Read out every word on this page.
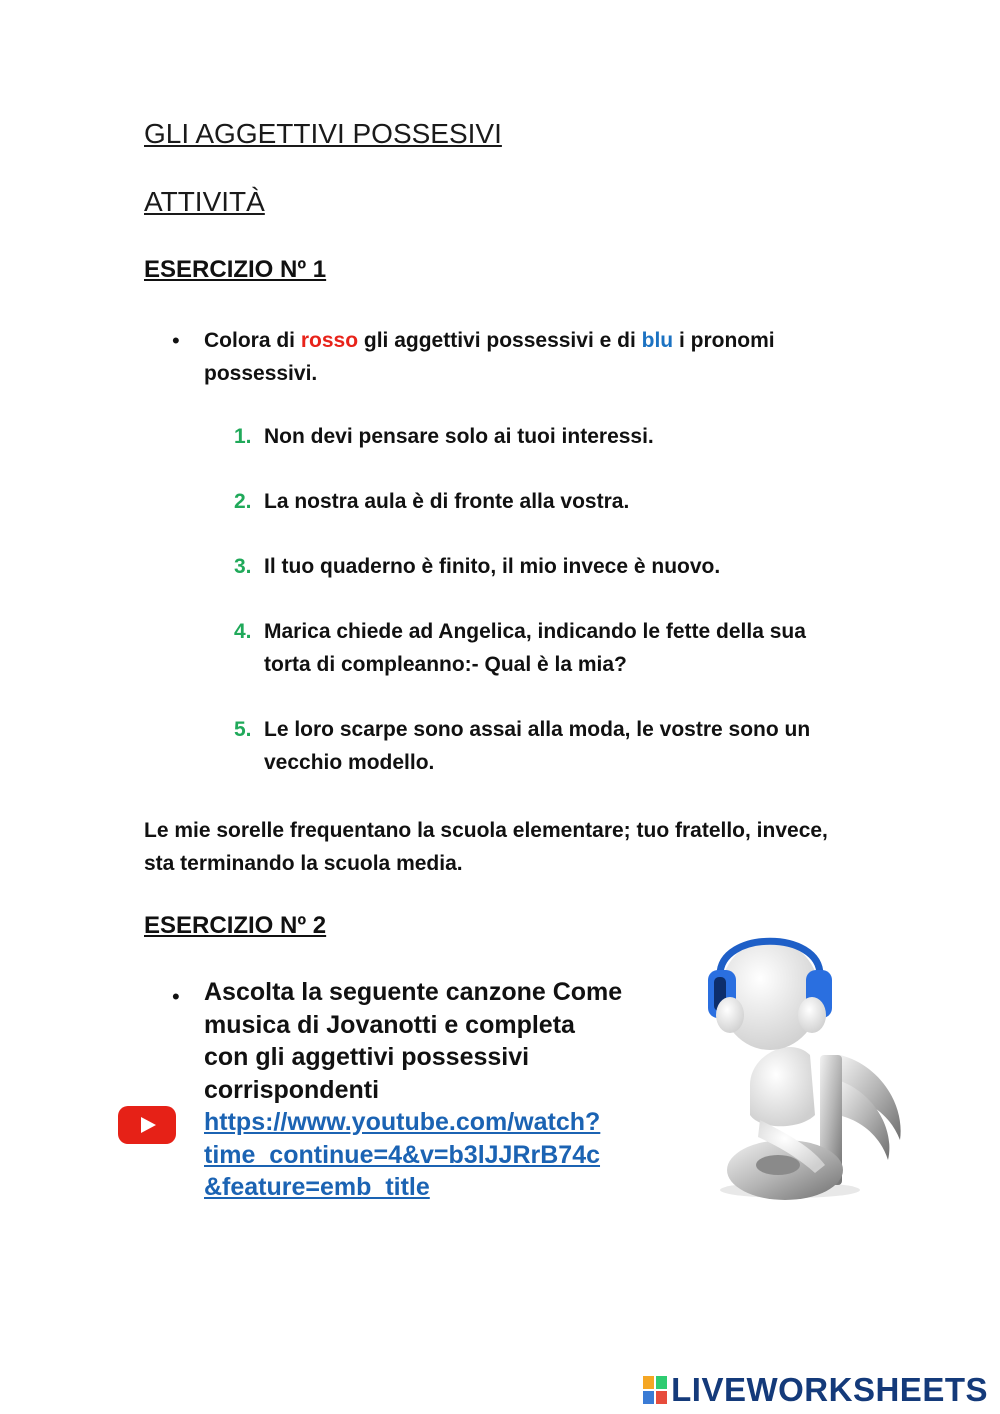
GLI AGGETTIVI POSSESIVI
ATTIVITÀ
ESERCIZIO Nº 1
• Colora di rosso gli aggettivi possessivi e di blu i pronomi possessivi.
1. Non devi pensare solo ai tuoi interessi.
2. La nostra aula è di fronte alla vostra.
3. Il tuo quaderno è finito, il mio invece è nuovo.
4. Marica chiede ad Angelica, indicando le fette della sua torta di compleanno:- Qual è la mia?
5. Le loro scarpe sono assai alla moda, le vostre sono un vecchio modello.
Le mie sorelle frequentano la scuola elementare; tuo fratello, invece, sta terminando la scuola media.
ESERCIZIO Nº 2
• Ascolta la seguente canzone Come musica di Jovanotti e completa con gli aggettivi possessivi corrispondenti
https://www.youtube.com/watch?time_continue=4&v=b3lJJRrB74c&feature=emb_title
LIVEWORKSHEETS
